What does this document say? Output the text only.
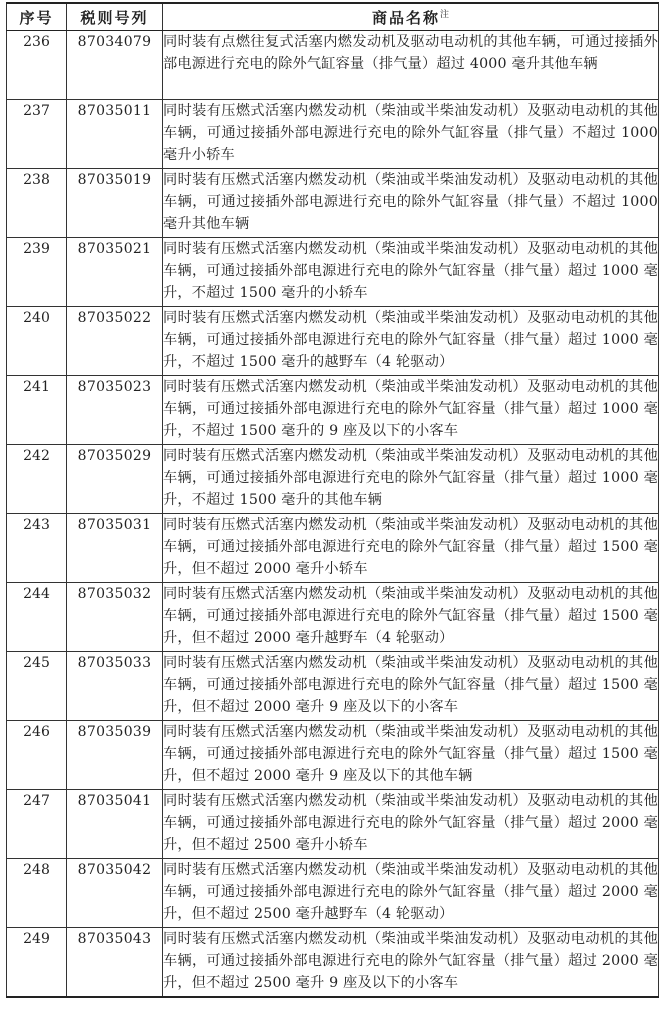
序号	税则号列	商品名称$^注$
236	87034079	同时装有点燃往复式活塞内燃发动机及驱动电动机的其他车辆，可通过接插外部电源进行充电的除外气缸容量（排气量）超过 4000 毫升其他车辆
237	87035011	同时装有压燃式活塞内燃发动机（柴油或半柴油发动机）及驱动电动机的其他车辆，可通过接插外部电源进行充电的除外气缸容量（排气量）不超过 1000 毫升小轿车
238	87035019	同时装有压燃式活塞内燃发动机（柴油或半柴油发动机）及驱动电动机的其他车辆，可通过接插外部电源进行充电的除外气缸容量（排气量）不超过 1000 毫升其他车辆
239	87035021	同时装有压燃式活塞内燃发动机（柴油或半柴油发动机）及驱动电动机的其他车辆，可通过接插外部电源进行充电的除外气缸容量（排气量）超过 1000 毫升，不超过 1500 毫升的小轿车
240	87035022	同时装有压燃式活塞内燃发动机（柴油或半柴油发动机）及驱动电动机的其他车辆，可通过接插外部电源进行充电的除外气缸容量（排气量）超过 1000 毫升，不超过 1500 毫升的越野车（4 轮驱动）
241	87035023	同时装有压燃式活塞内燃发动机（柴油或半柴油发动机）及驱动电动机的其他车辆，可通过接插外部电源进行充电的除外气缸容量（排气量）超过 1000 毫升，不超过 1500 毫升的 9 座及以下的小客车
242	87035029	同时装有压燃式活塞内燃发动机（柴油或半柴油发动机）及驱动电动机的其他车辆，可通过接插外部电源进行充电的除外气缸容量（排气量）超过 1000 毫升，不超过 1500 毫升的其他车辆
243	87035031	同时装有压燃式活塞内燃发动机（柴油或半柴油发动机）及驱动电动机的其他车辆，可通过接插外部电源进行充电的除外气缸容量（排气量）超过 1500 毫升，但不超过 2000 毫升小轿车
244	87035032	同时装有压燃式活塞内燃发动机（柴油或半柴油发动机）及驱动电动机的其他车辆，可通过接插外部电源进行充电的除外气缸容量（排气量）超过 1500 毫升，但不超过 2000 毫升越野车（4 轮驱动）
245	87035033	同时装有压燃式活塞内燃发动机（柴油或半柴油发动机）及驱动电动机的其他车辆，可通过接插外部电源进行充电的除外气缸容量（排气量）超过 1500 毫升，但不超过 2000 毫升 9 座及以下的小客车
246	87035039	同时装有压燃式活塞内燃发动机（柴油或半柴油发动机）及驱动电动机的其他车辆，可通过接插外部电源进行充电的除外气缸容量（排气量）超过 1500 毫升，但不超过 2000 毫升 9 座及以下的其他车辆
247	87035041	同时装有压燃式活塞内燃发动机（柴油或半柴油发动机）及驱动电动机的其他车辆，可通过接插外部电源进行充电的除外气缸容量（排气量）超过 2000 毫升，但不超过 2500 毫升小轿车
248	87035042	同时装有压燃式活塞内燃发动机（柴油或半柴油发动机）及驱动电动机的其他车辆，可通过接插外部电源进行充电的除外气缸容量（排气量）超过 2000 毫升，但不超过 2500 毫升越野车（4 轮驱动）
249	87035043	同时装有压燃式活塞内燃发动机（柴油或半柴油发动机）及驱动电动机的其他车辆，可通过接插外部电源进行充电的除外气缸容量（排气量）超过 2000 毫升，但不超过 2500 毫升 9 座及以下的小客车
